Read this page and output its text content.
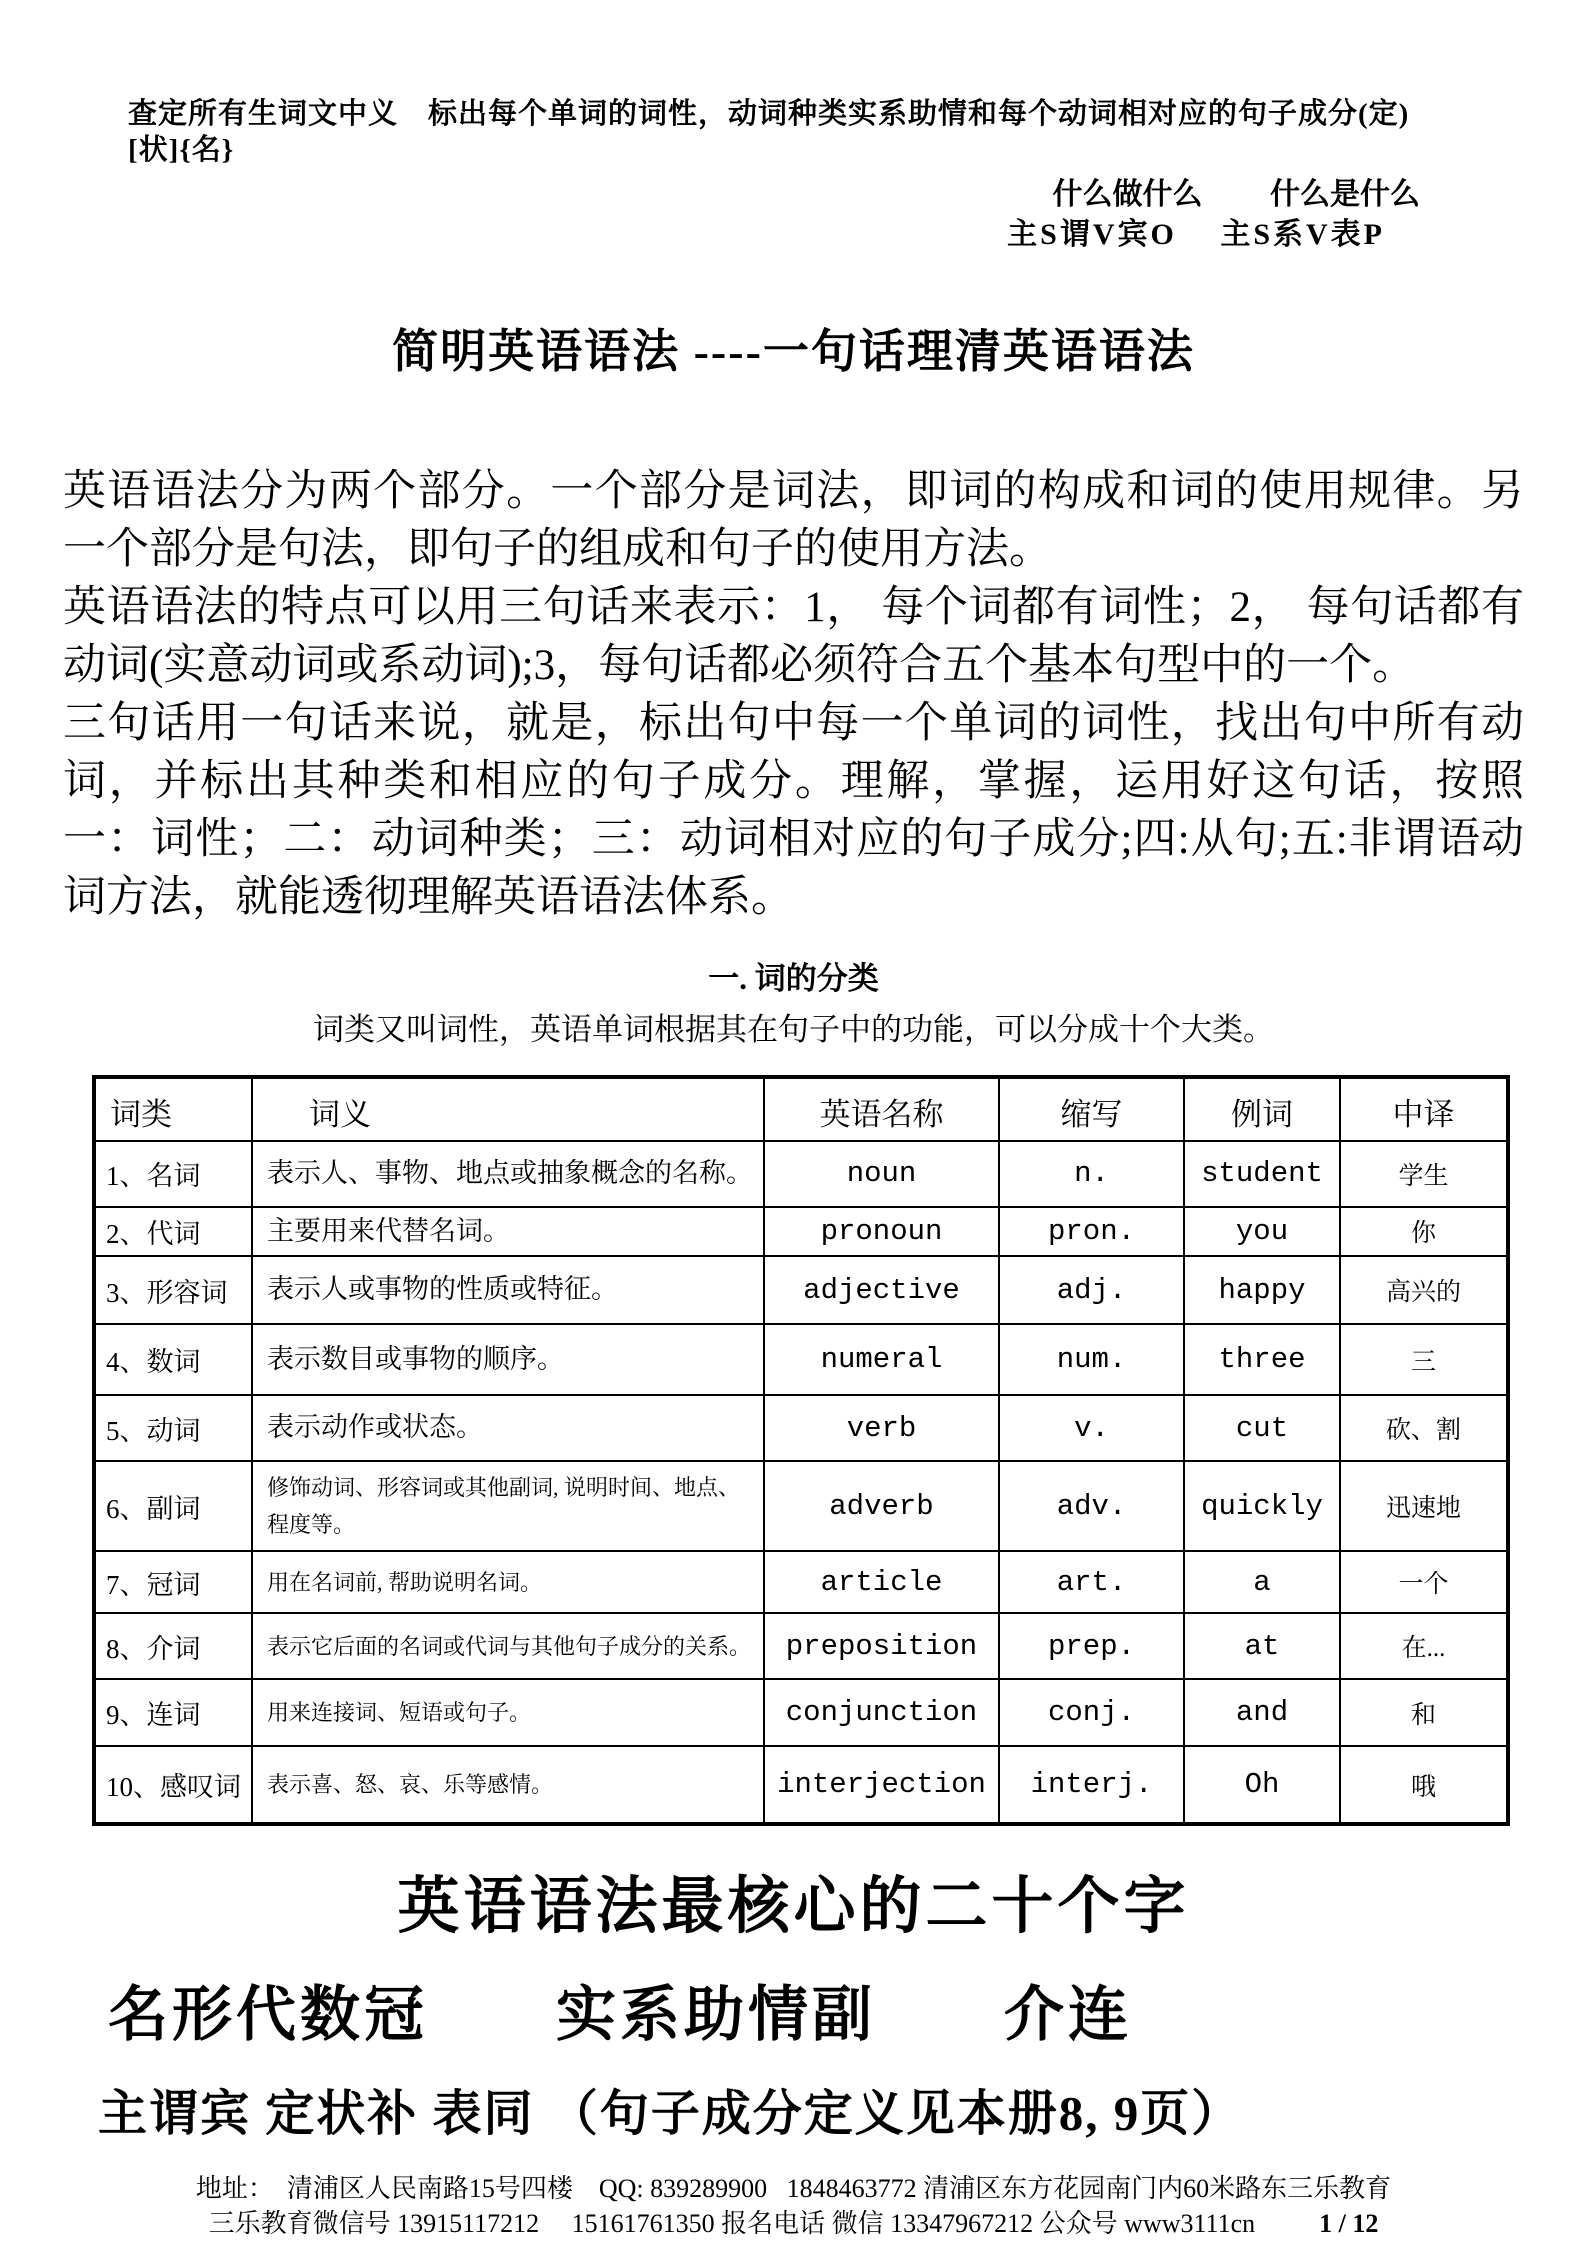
查定所有生词文中义　标出每个单词的词性，动词种类实系助情和每个动词相对应的句子成分(定)[状]{名}
什么做什么　　 什么是什么
主S谓V宾O　 主S系V表P
简明英语语法 ----一句话理清英语语法

英语语法分为两个部分。一个部分是词法，即词的构成和词的使用规律。另一个部分是句法，即句子的组成和句子的使用方法。

英语语法的特点可以用三句话来表示：1， 每个词都有词性；2， 每句话都有动词(实意动词或系动词);3，每句话都必须符合五个基本句型中的一个。

三句话用一句话来说，就是，标出句中每一个单词的词性，找出句中所有动词，并标出其种类和相应的句子成分。理解，掌握，运用好这句话，按照一：词性；二：动词种类；三：动词相对应的句子成分;四:从句;五:非谓语动词方法，就能透彻理解英语语法体系。

一. 词的分类
词类又叫词性，英语单词根据其在句子中的功能，可以分成十个大类。
词类	词义	英语名称	缩写	例词	中译
1、名词	表示人、事物、地点或抽象概念的名称。	noun	n.	student	学生
2、代词	主要用来代替名词。	pronoun	pron.	you	你
3、形容词	表示人或事物的性质或特征。	adjective	adj.	happy	高兴的
4、数词	表示数目或事物的顺序。	numeral	num.	three	三
5、动词	表示动作或状态。	verb	v.	cut	砍、割
6、副词	修饰动词、形容词或其他副词, 说明时间、地点、程度等。	adverb	adv.	quickly	迅速地
7、冠词	用在名词前, 帮助说明名词。	article	art.	a	一个
8、介词	表示它后面的名词或代词与其他句子成分的关系。	preposition	prep.	at	在...
9、连词	用来连接词、短语或句子。	conjunction	conj.	and	和
10、感叹词	表示喜、怒、哀、乐等感情。	interjection	interj.	Oh	哦
英语语法最核心的二十个字
名形代数冠　　实系助情副　　介连
主谓宾 定状补 表同 （句子成分定义见本册8, 9页）
地址：  清浦区人民南路15号四楼    QQ: 839289900   1848463772 清浦区东方花园南门内60米路东三乐教育
三乐教育微信号 13915117212     15161761350 报名电话 微信 13347967212 公众号 www3111cn 1 / 12
